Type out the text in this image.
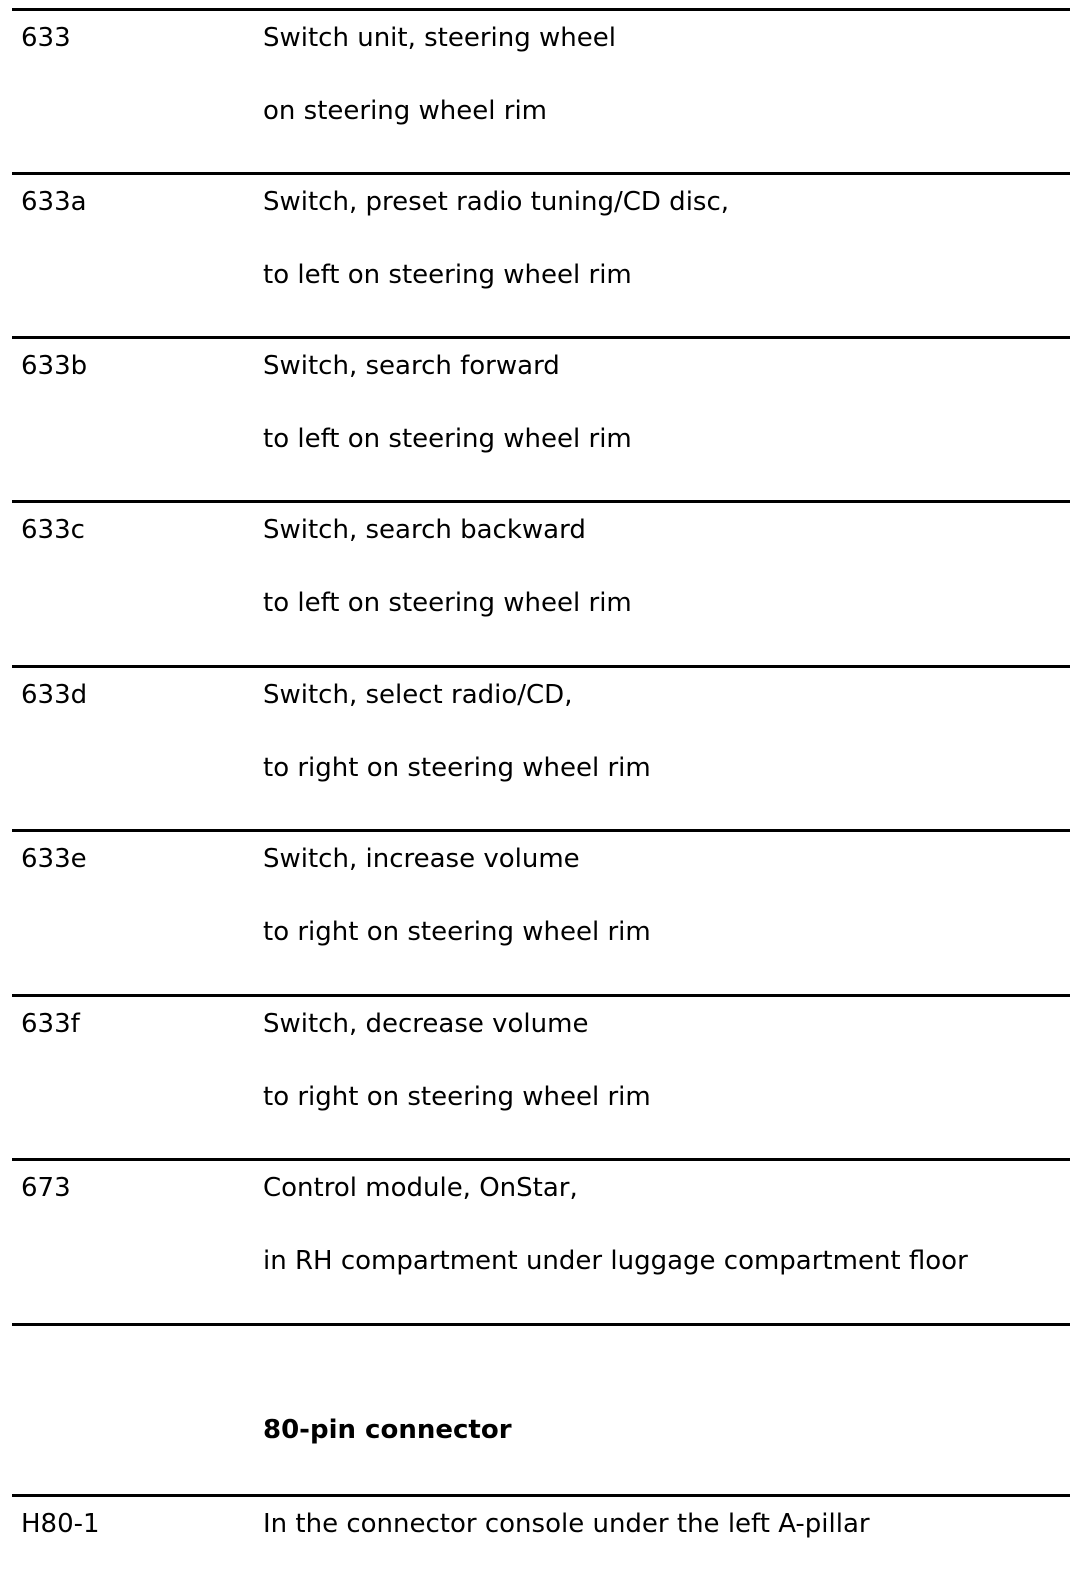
633	Switch unit, steering wheel
on steering wheel rim
633a	Switch, preset radio tuning/CD disc,
to left on steering wheel rim
633b	Switch, search forward
to left on steering wheel rim
633c	Switch, search backward
to left on steering wheel rim
633d	Switch, select radio/CD,
to right on steering wheel rim
633e	Switch, increase volume
to right on steering wheel rim
633f	Switch, decrease volume
to right on steering wheel rim
673	Control module, OnStar,
in RH compartment under luggage compartment floor
80-pin connector
H80-1	In the connector console under the left A-pillar
